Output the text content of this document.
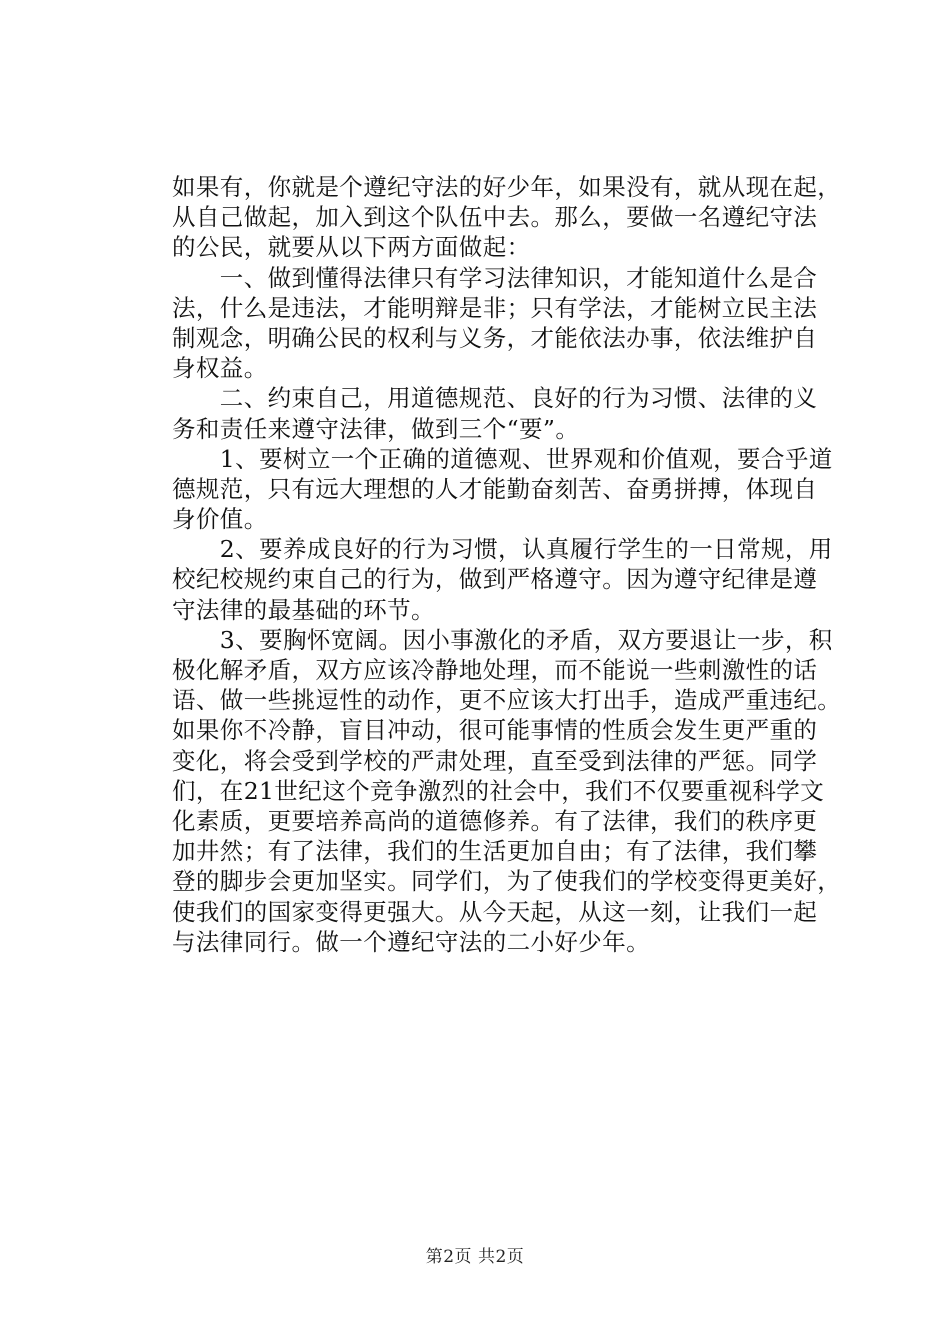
如果有，你就是个遵纪守法的好少年，如果没有，就从现在起，
从自己做起，加入到这个队伍中去。那么，要做一名遵纪守法
的公民，就要从以下两方面做起：
　　一、做到懂得法律只有学习法律知识，才能知道什么是合
法，什么是违法，才能明辩是非；只有学法，才能树立民主法
制观念，明确公民的权利与义务，才能依法办事，依法维护自
身权益。
　　二、约束自己，用道德规范、良好的行为习惯、法律的义
务和责任来遵守法律，做到三个“要”。
　　1、要树立一个正确的道德观、世界观和价值观，要合乎道
德规范，只有远大理想的人才能勤奋刻苦、奋勇拼搏，体现自
身价值。
　　2、要养成良好的行为习惯，认真履行学生的一日常规，用
校纪校规约束自己的行为，做到严格遵守。因为遵守纪律是遵
守法律的最基础的环节。
　　3、要胸怀宽阔。因小事激化的矛盾，双方要退让一步，积
极化解矛盾，双方应该冷静地处理，而不能说一些刺激性的话
语、做一些挑逗性的动作，更不应该大打出手，造成严重违纪。
如果你不冷静，盲目冲动，很可能事情的性质会发生更严重的
变化，将会受到学校的严肃处理，直至受到法律的严惩。同学
们，在21世纪这个竞争激烈的社会中，我们不仅要重视科学文
化素质，更要培养高尚的道德修养。有了法律，我们的秩序更
加井然；有了法律，我们的生活更加自由；有了法律，我们攀
登的脚步会更加坚实。同学们，为了使我们的学校变得更美好，
使我们的国家变得更强大。从今天起，从这一刻，让我们一起
与法律同行。做一个遵纪守法的二小好少年。
第2页 共2页
